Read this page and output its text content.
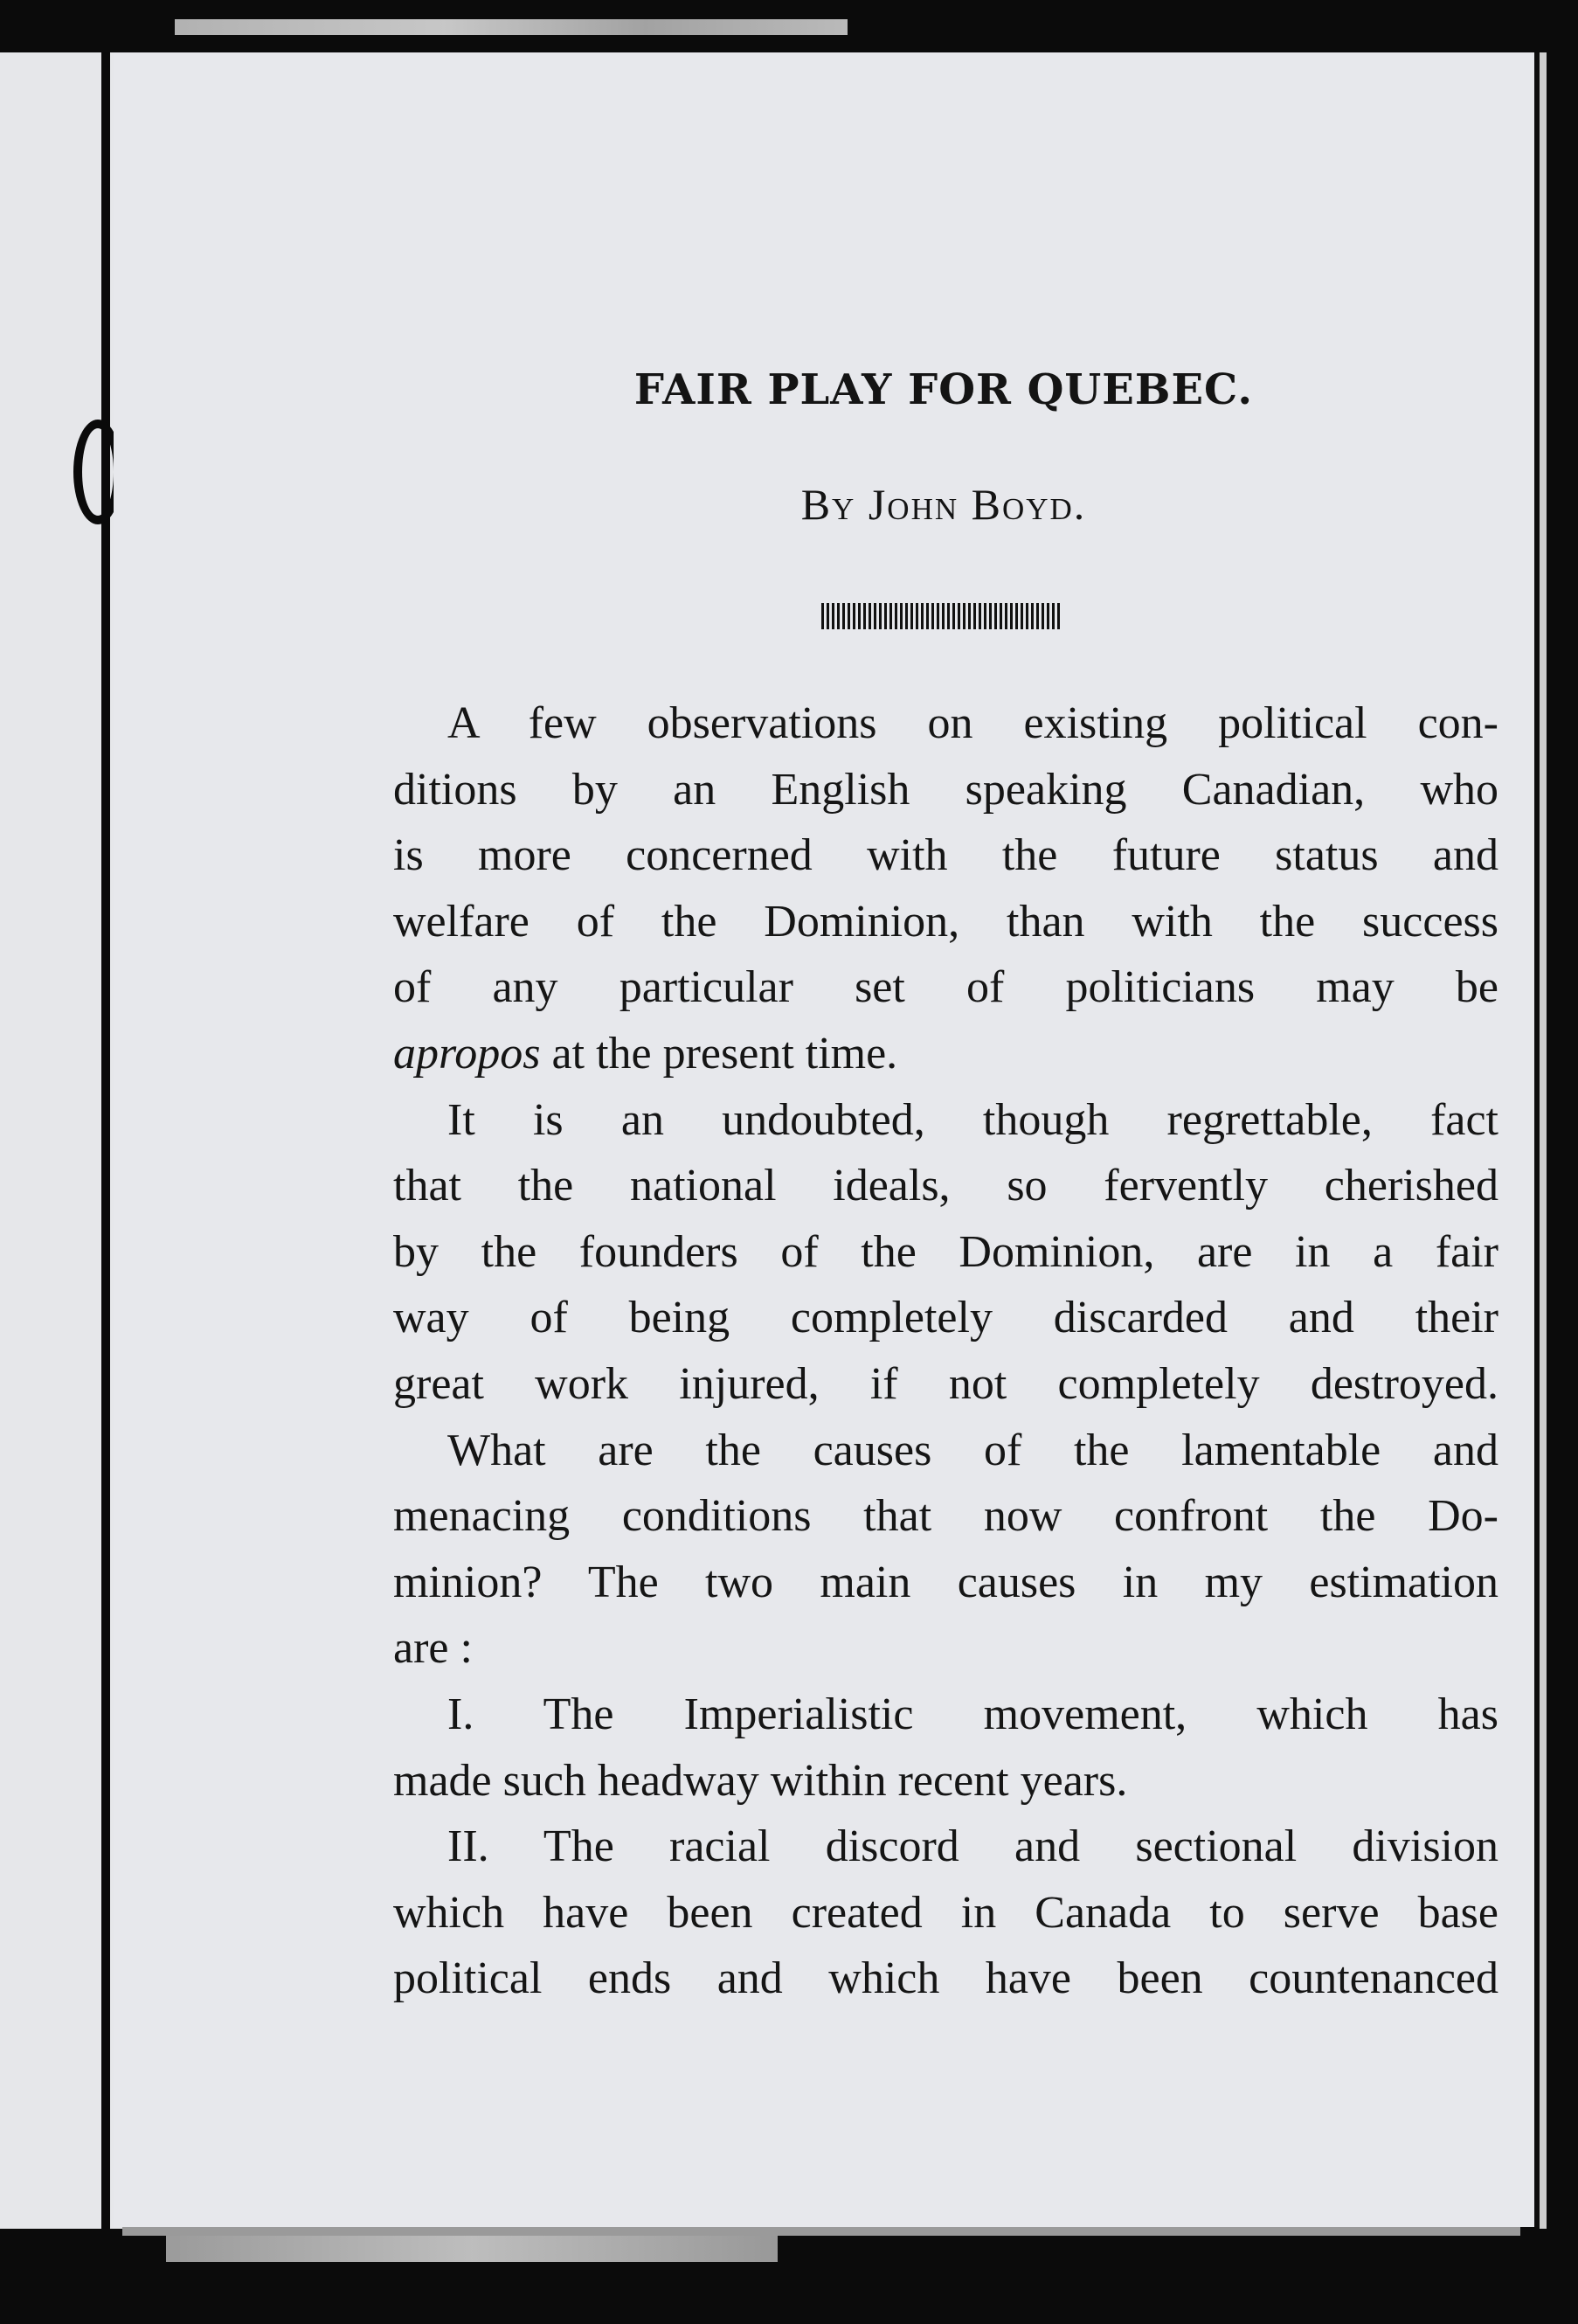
FAIR PLAY FOR QUEBEC.
By John Boyd.

A few observations on existing political con-
ditions by an English speaking Canadian, who
is more concerned with the future status and
welfare of the Dominion, than with the success
of any particular set of politicians may be
apropos at the present time.

It is an undoubted, though regrettable, fact
that the national ideals, so fervently cherished
by the founders of the Dominion, are in a fair
way of being completely discarded and their
great work injured, if not completely destroyed.

What are the causes of the lamentable and
menacing conditions that now confront the Do-
minion? The two main causes in my estimation
are :

I. The Imperialistic movement, which has
made such headway within recent years.

II. The racial discord and sectional division
which have been created in Canada to serve base
political ends and which have been countenanced
